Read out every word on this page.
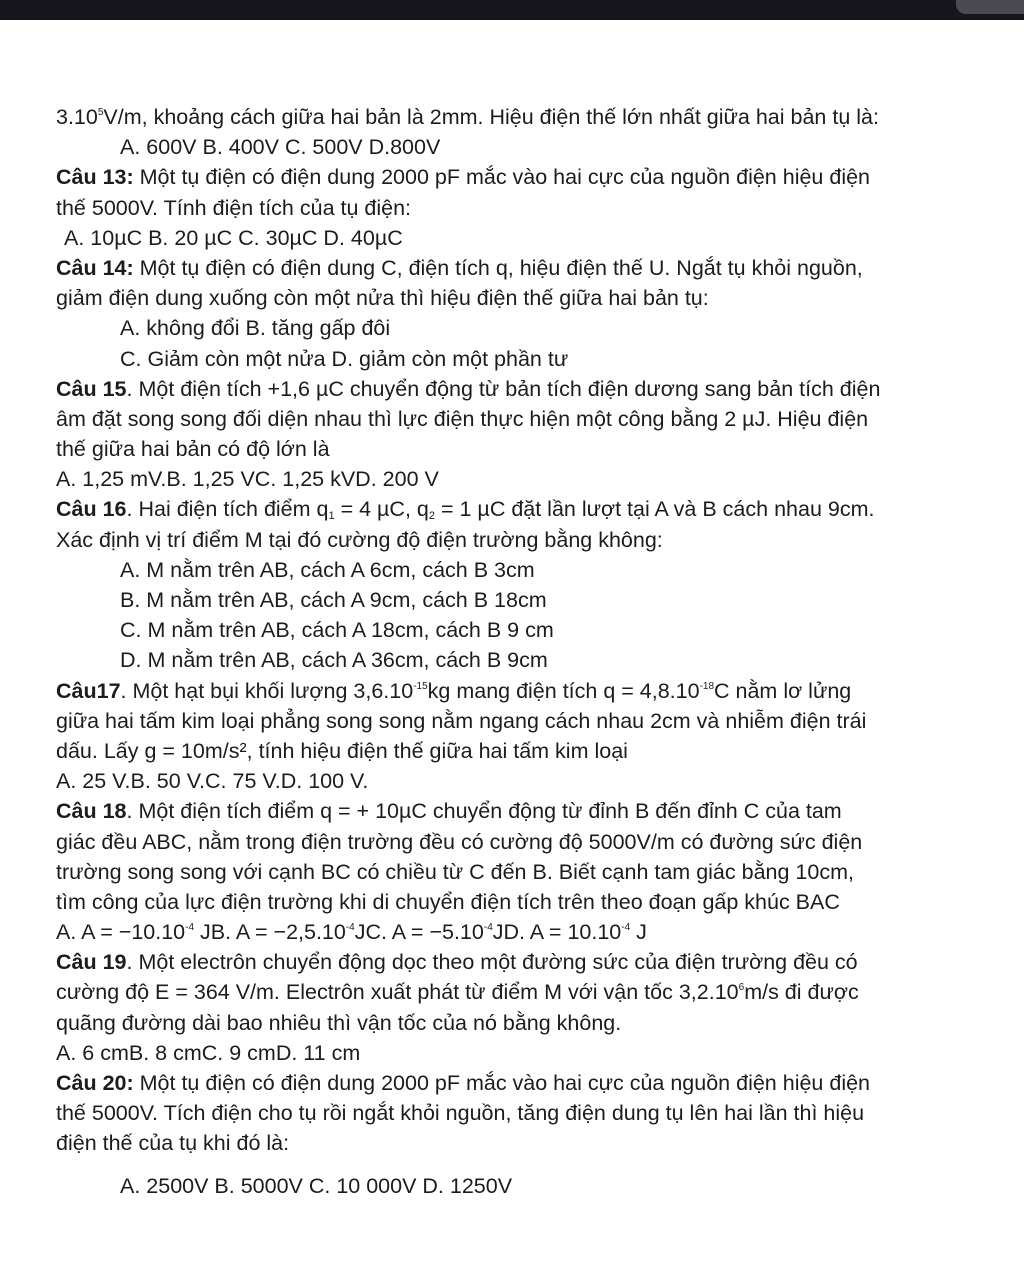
3.10$^5$V/m, khoảng cách giữa hai bản là 2mm. Hiệu điện thế lớn nhất giữa hai bản tụ là:
A. 600V B. 400V C. 500V D.800V
Câu 13: Một tụ điện có điện dung 2000 pF mắc vào hai cực của nguồn điện hiệu điện
thế 5000V. Tính điện tích của tụ điện:
A. 10µC B. 20 µC C. 30µC D. 40µC
Câu 14: Một tụ điện có điện dung C, điện tích q, hiệu điện thế U. Ngắt tụ khỏi nguồn,
giảm điện dung xuống còn một nửa thì hiệu điện thế giữa hai bản tụ:
A. không đổi B. tăng gấp đôi
C. Giảm còn một nửa D. giảm còn một phần tư
Câu 15. Một điện tích +1,6 µC chuyển động từ bản tích điện dương sang bản tích điện
âm đặt song song đối diện nhau thì lực điện thực hiện một công bằng 2 µJ. Hiệu điện
thế giữa hai bản có độ lớn là
A. 1,25 mV.B. 1,25 VC. 1,25 kVD. 200 V
Câu 16. Hai điện tích điểm $q_1 = 4$ µC, $q_2 = 1$ µC đặt lần lượt tại A và B cách nhau 9cm.
Xác định vị trí điểm M tại đó cường độ điện trường bằng không:
A. M nằm trên AB, cách A 6cm, cách B 3cm
B. M nằm trên AB, cách A 9cm, cách B 18cm
C. M nằm trên AB, cách A 18cm, cách B 9 cm
D. M nằm trên AB, cách A 36cm, cách B 9cm
Câu17. Một hạt bụi khối lượng $3,6.10^{-15}kg$ mang điện tích $q = 4,8.10^{-18}C$ nằm lơ lửng
giữa hai tấm kim loại phẳng song song nằm ngang cách nhau 2cm và nhiễm điện trái
dấu. Lấy g = 10m/s², tính hiệu điện thế giữa hai tấm kim loại
A. 25 V.B. 50 V.C. 75 V.D. 100 V.
Câu 18. Một điện tích điểm q = + 10µC chuyển động từ đỉnh B đến đỉnh C của tam
giác đều ABC, nằm trong điện trường đều có cường độ 5000V/m có đường sức điện
trường song song với cạnh BC có chiều từ C đến B. Biết cạnh tam giác bằng 10cm,
tìm công của lực điện trường khi di chuyển điện tích trên theo đoạn gấp khúc BAC
A. $A = -10.10^{-4}$ JB. $A = -2,5.10^{-4}JC$. $A = -5.10^{-4}JD$. $A = 10.10^{-4}$ J
Câu 19. Một electrôn chuyển động dọc theo một đường sức của điện trường đều có
cường độ E = 364 V/m. Electrôn xuất phát từ điểm M với vận tốc 3,2.10$^6$m/s đi được
quãng đường dài bao nhiêu thì vận tốc của nó bằng không.
A. 6 cmB. 8 cmC. 9 cmD. 11 cm
Câu 20: Một tụ điện có điện dung 2000 pF mắc vào hai cực của nguồn điện hiệu điện
thế 5000V. Tích điện cho tụ rồi ngắt khỏi nguồn, tăng điện dung tụ lên hai lần thì hiệu
điện thế của tụ khi đó là:
A. 2500V B. 5000V C. 10 000V D. 1250V
